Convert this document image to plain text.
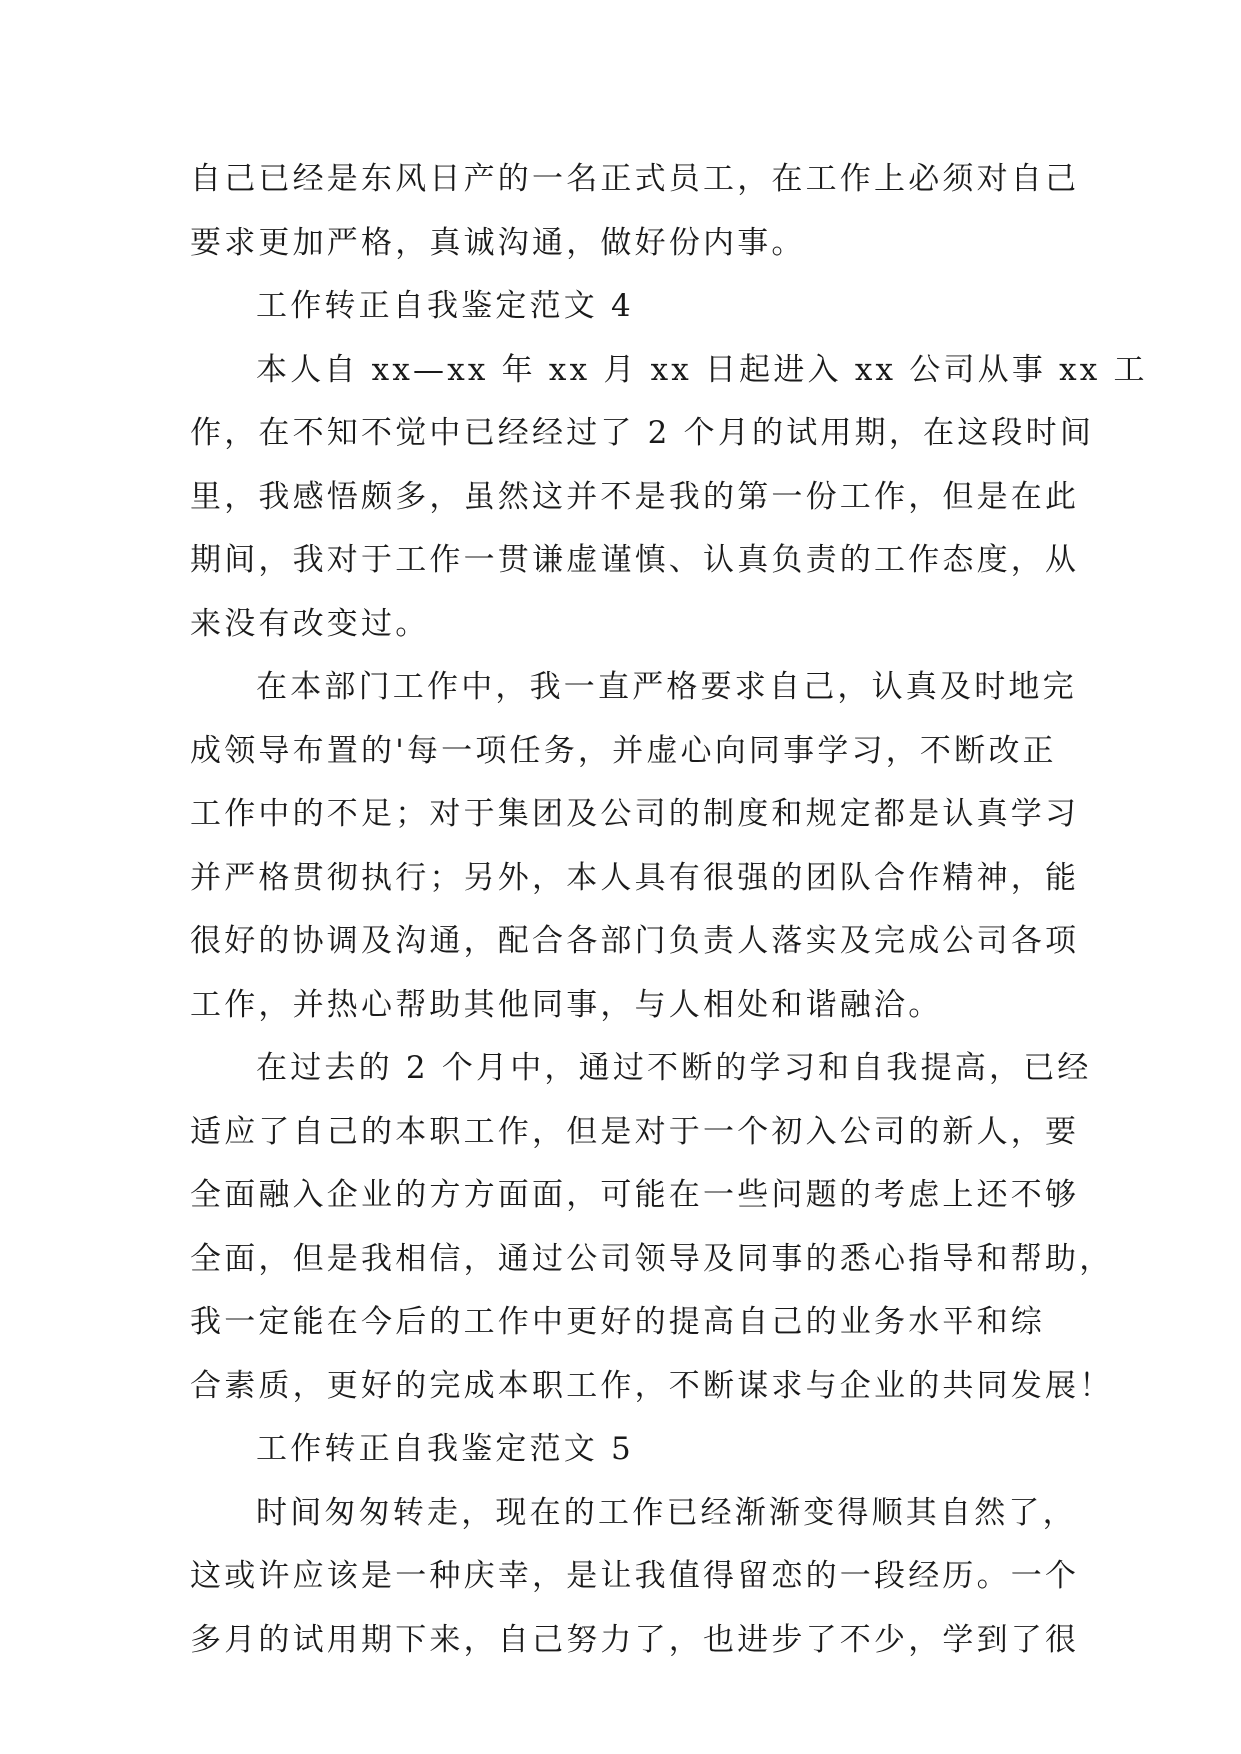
自己已经是东风日产的一名正式员工，在工作上必须对自己
要求更加严格，真诚沟通，做好份内事。
工作转正自我鉴定范文 4
本人自 xx—xx 年 xx 月 xx 日起进入 xx 公司从事 xx 工
作，在不知不觉中已经经过了 2 个月的试用期，在这段时间
里，我感悟颇多，虽然这并不是我的第一份工作，但是在此
期间，我对于工作一贯谦虚谨慎、认真负责的工作态度，从
来没有改变过。
在本部门工作中，我一直严格要求自己，认真及时地完
成领导布置的'每一项任务，并虚心向同事学习，不断改正
工作中的不足；对于集团及公司的制度和规定都是认真学习
并严格贯彻执行；另外，本人具有很强的团队合作精神，能
很好的协调及沟通，配合各部门负责人落实及完成公司各项
工作，并热心帮助其他同事，与人相处和谐融洽。
在过去的 2 个月中，通过不断的学习和自我提高，已经
适应了自己的本职工作，但是对于一个初入公司的新人，要
全面融入企业的方方面面，可能在一些问题的考虑上还不够
全面，但是我相信，通过公司领导及同事的悉心指导和帮助，
我一定能在今后的工作中更好的提高自己的业务水平和综
合素质，更好的完成本职工作，不断谋求与企业的共同发展！
工作转正自我鉴定范文 5
时间匆匆转走，现在的工作已经渐渐变得顺其自然了，
这或许应该是一种庆幸，是让我值得留恋的一段经历。一个
多月的试用期下来，自己努力了，也进步了不少，学到了很
